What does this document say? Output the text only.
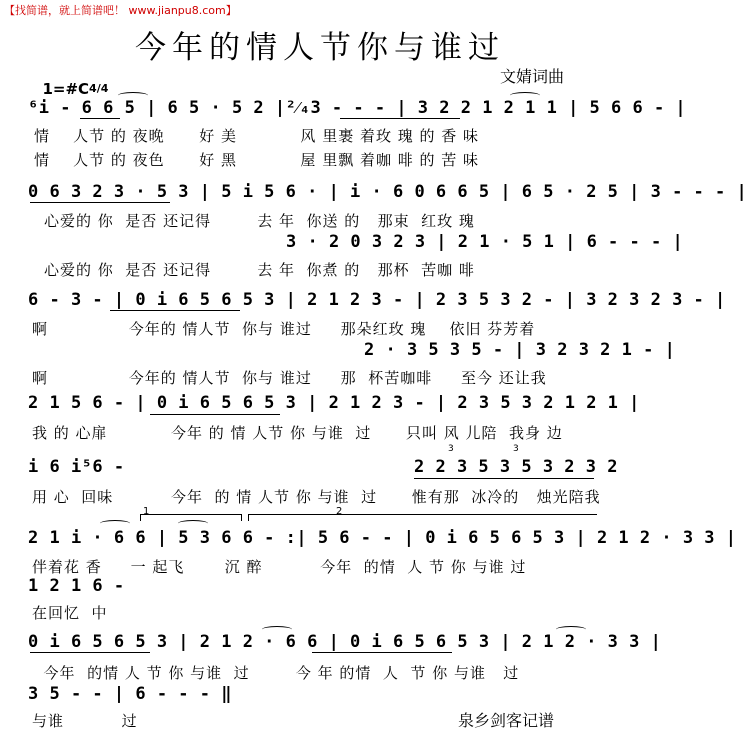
【找简谱，就上简谱吧！ www.jianpu8.com】
今年的情人节你与谁过

1=#C4/4

文婧词曲
⁶i - 6 6 5 | 6 5 · 5 2 |²⁄₄3 - - - | 3 2 2 1 2 1 1 | 5 6 6 - |
情    人节 的 夜晚      好 美           风 里裹 着玫 瑰 的 香 味
情    人节 的 夜色      好 黑           屋 里飘 着咖 啡 的 苦 味
0 6 3 2 3 · 5 3 | 5 i 5 6 · | i · 6 0 6 6 5 | 6 5 · 2 5 | 3 - - - |
心爱的 你  是否 还记得        去 年  你送 的   那束  红玫 瑰
3 · 2 0 3 2 3 | 2 1 · 5 1 | 6 - - - |
心爱的 你  是否 还记得        去 年  你煮 的   那杯  苦咖 啡
6 - 3 - | 0 i 6 5 6 5 3 | 2 1 2 3 - | 2 3 5 3 2 - | 3 2 3 2 3 - |
啊              今年的 情人节  你与 谁过     那朵红玫 瑰    依旧 芬芳着
2 · 3 5 3 5 - | 3 2 3 2 1 - |
啊              今年的 情人节  你与 谁过     那  杯苦咖啡     至今 还让我
2 1 5 6 - | 0 i 6 5 6 5 3 | 2 1 2 3 - | 2 3 5 3 2 1 2 1 |
我 的 心扉           今年 的 情 人节 你 与谁  过      只叫 风 儿陪  我身 边
i 6 i⁵6 -	2 2 3 5 3 5 3 2 3 2
3	3
用 心  回味          今年  的 情 人节 你 与谁  过      惟有那  冰冷的   烛光陪我
1	2
2 1 i · 6 6 | 5 3 6 6 - :| 5 6 - - | 0 i 6 5 6 5 3 | 2 1 2 · 3 3 |
伴着花 香     一 起飞       沉 醉          今年  的情  人 节 你 与谁 过
1 2 1 6 -
在回忆  中
0 i 6 5 6 5 3 | 2 1 2 · 6 6 | 0 i 6 5 6 5 3 | 2 1 2 · 3 3 |
今年  的情 人 节 你 与谁  过        今 年 的情  人  节 你 与谁   过
3 5 - - | 6 - - - ‖
与谁          过	泉乡剑客记谱
